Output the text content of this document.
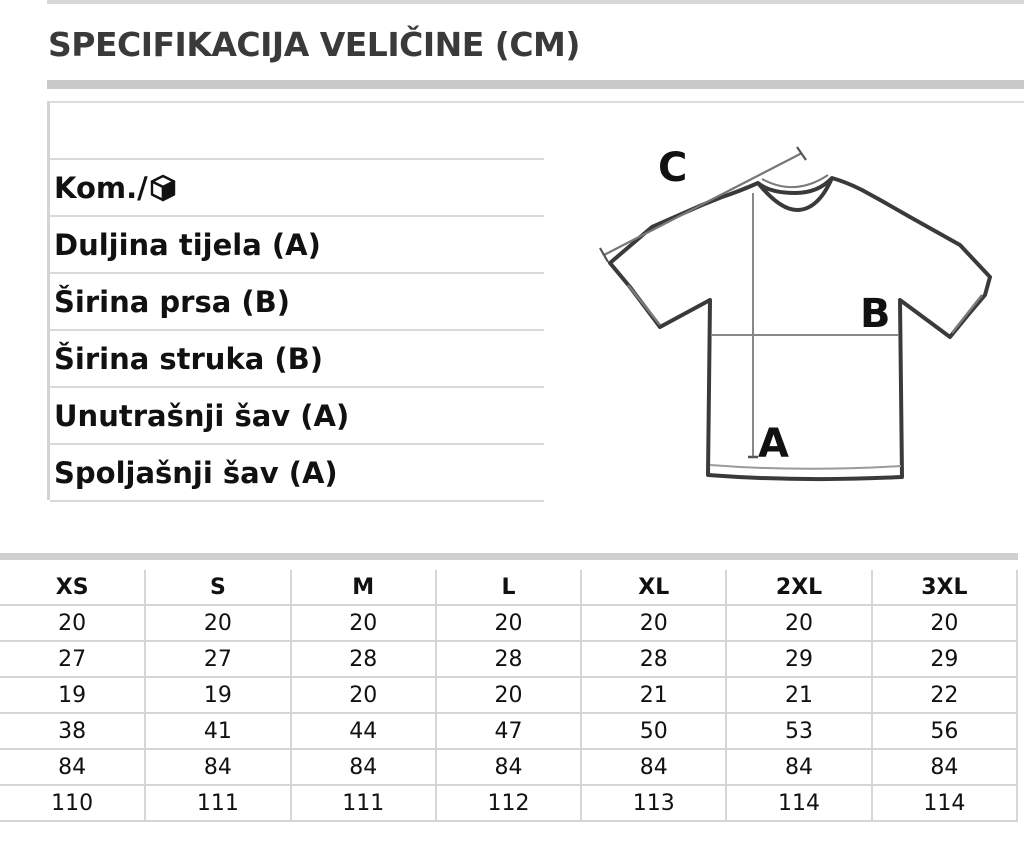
SPECIFIKACIJA VELIČINE (CM)
Kom./
Duljina tijela (A)
Širina prsa (B)
Širina struka (B)
Unutrašnji šav (A)
Spoljašnji šav (A)
C
B
A
XS	S	M	L	XL	2XL	3XL
20	20	20	20	20	20	20
27	27	28	28	28	29	29
19	19	20	20	21	21	22
38	41	44	47	50	53	56
84	84	84	84	84	84	84
110	111	111	112	113	114	114
